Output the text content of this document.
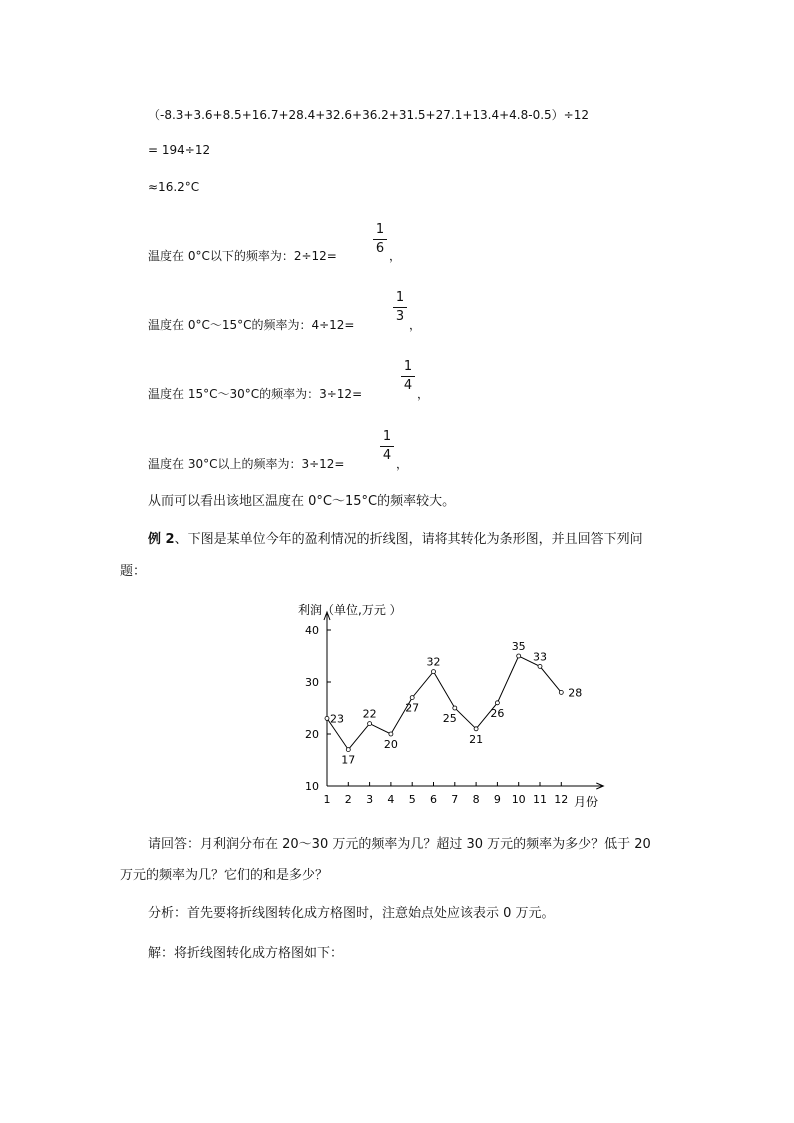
（-8.3+3.6+8.5+16.7+28.4+32.6+36.2+31.5+27.1+13.4+4.8-0.5）÷12
= 194÷12
≈16.2°C
温度在 0°C以下的频率为：2÷12=
1
6 ，
温度在 0°C～15°C的频率为：4÷12=
1
3
，
温度在 15°C～30°C的频率为：3÷12=
1
4
，
温度在 30°C以上的频率为：3÷12=
1
4
，
从而可以看出该地区温度在 0°C～15°C的频率较大。
例 2、下图是某单位今年的盈利情况的折线图，请将其转化为条形图，并且回答下列问
题：
利润（单位,万元 ）
月份
10
20
30
40
1 2 3 4 5 6 7 8 9 10 11 12
23
17
22
20
27
32
25
21
26
35
33
28
请回答：月利润分布在 20～30 万元的频率为几？超过 30 万元的频率为多少？低于 20
万元的频率为几？它们的和是多少？
分析：首先要将折线图转化成方格图时，注意始点处应该表示 0 万元。
解：将折线图转化成方格图如下：
